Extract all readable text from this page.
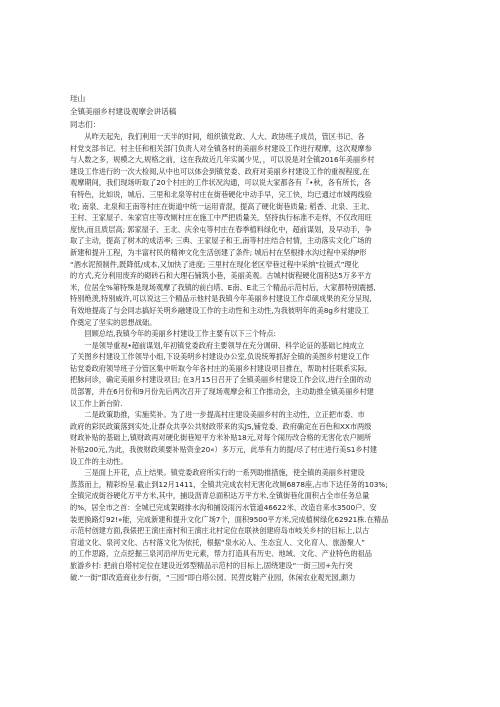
珪山
全镇美丽乡村建设观摩会讲话稿
同志们：
　　从昨天起先，我们利用一天半的时间，组织镇党政、人大、政协班子成员，管区书记、各
村党支部书记、村主任和相关部门负责人对全镇各村的美丽乡村建设工作进行观摩，这次观摩参
与人数之多，规模之大,规格之前，这在我故近几年实属少见，，可以说是对全镇2016年美丽乡村
建设工作进行的一次大检阅,从中也可以体会到镇党委、政府对美丽乡村建设工作的重视程度,在
观摩期间，我们现场听取了20个村庄的工作状况沟通，可以说大家都各有『•秋，各有所长，各
有特色，比如说，城后、三里和北泉等村庄在街巷硬化中动手早，完工快，均已通过市城两线验
收; 南泉、北泉和王南等村庄在街道中统一运用青混，提高了硬化街巷质量; 稻香、北泉、王北、
王村、王家屋子、朱家官庄等改厕村庄在施工中严把质量关，坚持执行标准不走样，不仅改用旺
度快,而且质层高; 郭家屋子、王北、庆余屯等村庄在春季植料绿化中，超前谋划，及早动手，争
取了主动，提高了树木的成活率; 三典、王家屋子和王,南等村庄结合村情，主动落实文化广场的
新建和提升工程，为丰富村民的精神文化生活创建了条件; 城后村在坚根排水沟过程中采纳P形
“酒水泥预制件,既降低/成本,又加快了进度; 三里村在现化老区窄巷过程中采纳“拉链式”理化
的方式,充分利用废弃的砌砖石和大理石铺筑小巷，美丽美观。古城村街程硬化面积达5万多平方
米，位居全%第特殊是现场观摩了我镇的前白塔、E南、E北三个精品示范村后，大家都特别震撼,
特别绝羡,特别威许,可以说这三个精品示他村是我镇今年美丽乡村建设工作卓硕成果的充分呈现,
有效地提高了与会同志搞好关明乡融建设工作的主动性和主动性,为我彼明年的美8g乡村建设工
作奠定了坚实的思想战础。
　　回顾总结,我镇今年的美丽乡村建设工作主要有以下三个特点:
　　一是领导重视•超前谋划,年初镇党委政府主要领导在充分调研、科学论证的基础匕纯成立
了关图乡村建设工作领导小组,下设美明乡村建设办公室,负说统筹抓好全镇的美图乡村建设工作
钻党委政府领导班子分管区集中听取今年各村庄的美丽乡村建设项目推在，帮助村任联系实际,
把脉问诊，确定美丽乡村建设项目; 在3月15日召开了全镇美丽乡村建设工作会议,进行全面的动
员部署，并在6月份和9月份先后两次召开了现场观摩会和工作推动会，主动助推全镇美丽乡村建
议工作上新台阶.
　　二是政策助推，实施奖补。为了进一步提高村庄建设美丽乡村的主动性，立正把市委、市
政府的彩民政策落到实处,让群众共享公共财政带来的实JS,铺党委、政府确定在百色和XX市两级
财政补贴的基础上,镇财政再对硬化街巷短平方米补贴18元,对每个闹历改合格的无害化农户厕所
补贴200元,为此，我彼财政须要补贴资金20«）多万元，此举有力的提/尽了村庄进行美S1乡村建
设工作的主动性。
　　三是面上开花，点上结果。镇党委政府所实行的一系列助推措施，使全镇的美丽乡村建设
蒸蒸而上，精彩纷呈.截止到12月1411，全镇共完成农村无害化改厕6878座,占市下达任务的103%;
全镇完成街谷硬化万平方米,其中，捕设沥青总面积达万平方米,全镇街巷化面积占全市任务总量
的%，居全市之首：全城已完成架砌排水沟和捕设雨污水管道46622米、改造自来水3500户、安
装更换路灯92!»能，完成新建和提升文化广场7个，面积9500平方米,完成植树绿化62921株.在精品
示范村创建方面,我俵把王演庄南村和王演庄北村定位在联袂创建府岛市岐关乡村的目标上,以古
官道文化、泉河文化、古村落文化为依托，根据“泉水沁人、生态宜人、文化育人、旅游聚人”
的工作思路，立点挖掘三泉河沿岸历史元素，帮力打造具有历史、地域、文化、产业特色的祖品
旅游乡村: 把前白塔村定位在建设近郊型精品示范村的目标上,固绕建设“一街三园+先行突
破.“一街”即改造商业步行街，“三园”即白塔公园、民营皮鞋产业园，休闲农业观光园,颇力
